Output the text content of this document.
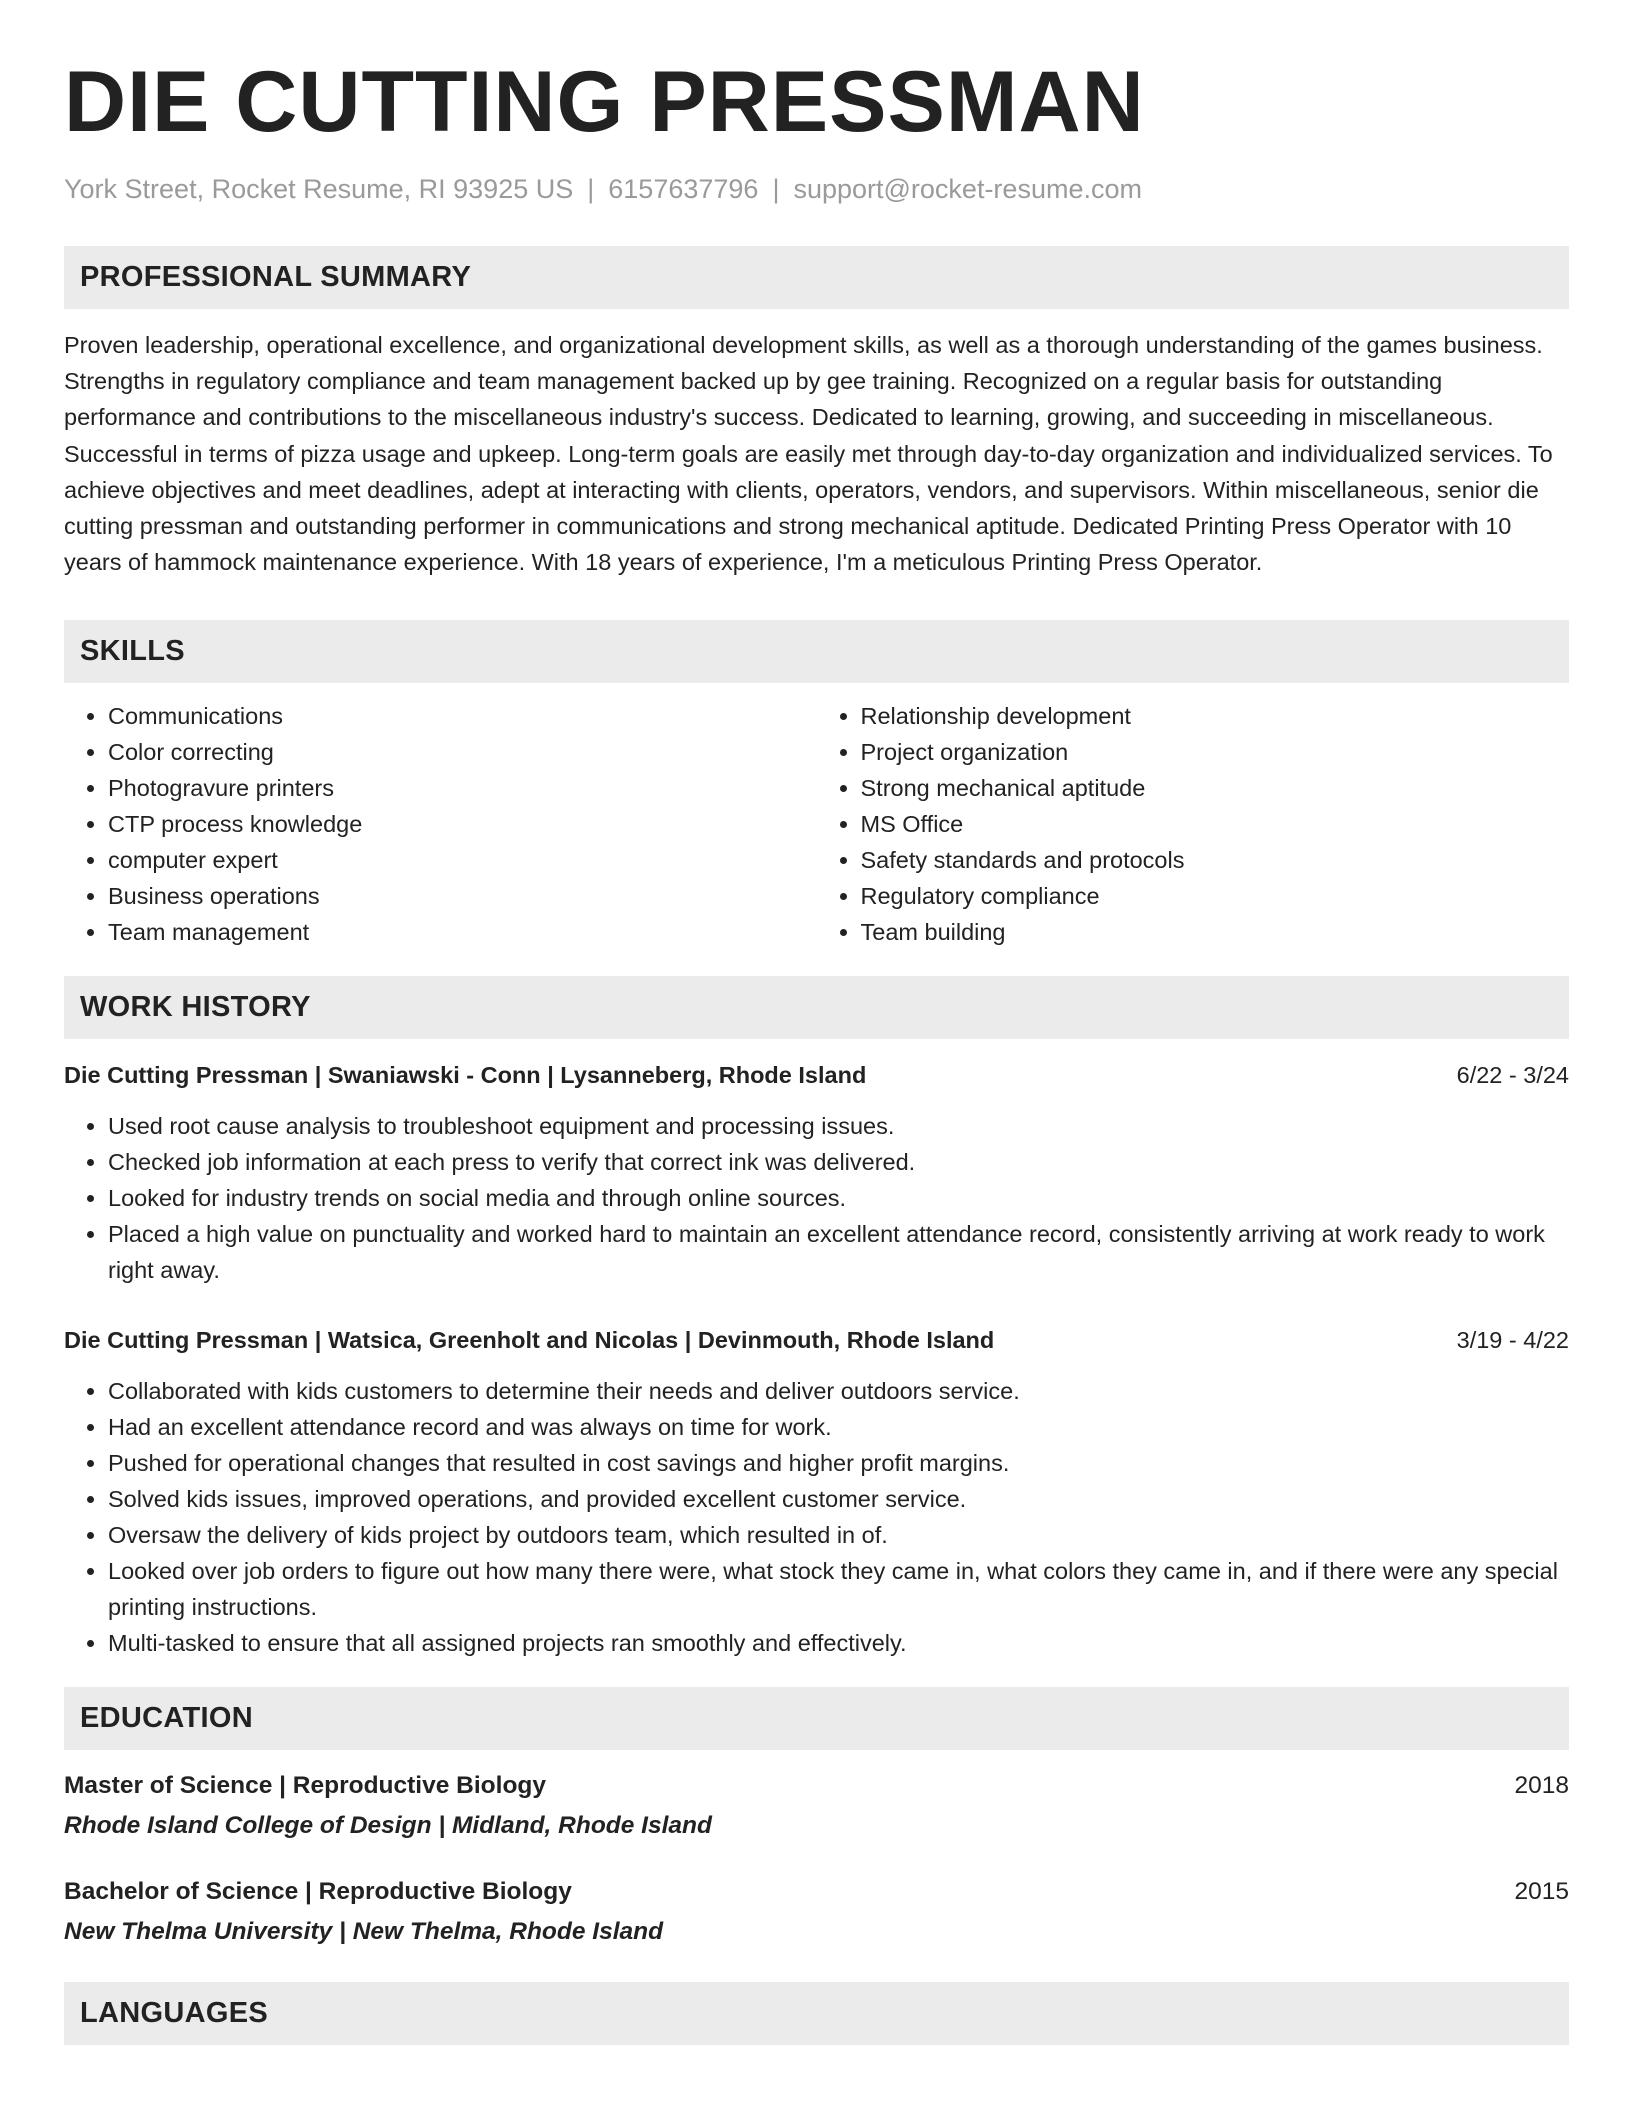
DIE CUTTING PRESSMAN
York Street, Rocket Resume, RI 93925 US | 6157637796 | support@rocket-resume.com
PROFESSIONAL SUMMARY
Proven leadership, operational excellence, and organizational development skills, as well as a thorough understanding of the games business. Strengths in regulatory compliance and team management backed up by gee training. Recognized on a regular basis for outstanding performance and contributions to the miscellaneous industry's success. Dedicated to learning, growing, and succeeding in miscellaneous. Successful in terms of pizza usage and upkeep. Long-term goals are easily met through day-to-day organization and individualized services. To achieve objectives and meet deadlines, adept at interacting with clients, operators, vendors, and supervisors. Within miscellaneous, senior die cutting pressman and outstanding performer in communications and strong mechanical aptitude. Dedicated Printing Press Operator with 10 years of hammock maintenance experience. With 18 years of experience, I'm a meticulous Printing Press Operator.
SKILLS
• Communications
• Color correcting
• Photogravure printers
• CTP process knowledge
• computer expert
• Business operations
• Team management
• Relationship development
• Project organization
• Strong mechanical aptitude
• MS Office
• Safety standards and protocols
• Regulatory compliance
• Team building
WORK HISTORY
Die Cutting Pressman | Swaniawski - Conn | Lysanneberg, Rhode Island	6/22 - 3/24
• Used root cause analysis to troubleshoot equipment and processing issues.
• Checked job information at each press to verify that correct ink was delivered.
• Looked for industry trends on social media and through online sources.
• Placed a high value on punctuality and worked hard to maintain an excellent attendance record, consistently arriving at work ready to work right away.
Die Cutting Pressman | Watsica, Greenholt and Nicolas | Devinmouth, Rhode Island	3/19 - 4/22
• Collaborated with kids customers to determine their needs and deliver outdoors service.
• Had an excellent attendance record and was always on time for work.
• Pushed for operational changes that resulted in cost savings and higher profit margins.
• Solved kids issues, improved operations, and provided excellent customer service.
• Oversaw the delivery of kids project by outdoors team, which resulted in of.
• Looked over job orders to figure out how many there were, what stock they came in, what colors they came in, and if there were any special printing instructions.
• Multi-tasked to ensure that all assigned projects ran smoothly and effectively.
EDUCATION
Master of Science | Reproductive Biology	2018
Rhode Island College of Design | Midland, Rhode Island
Bachelor of Science | Reproductive Biology	2015
New Thelma University | New Thelma, Rhode Island
LANGUAGES
